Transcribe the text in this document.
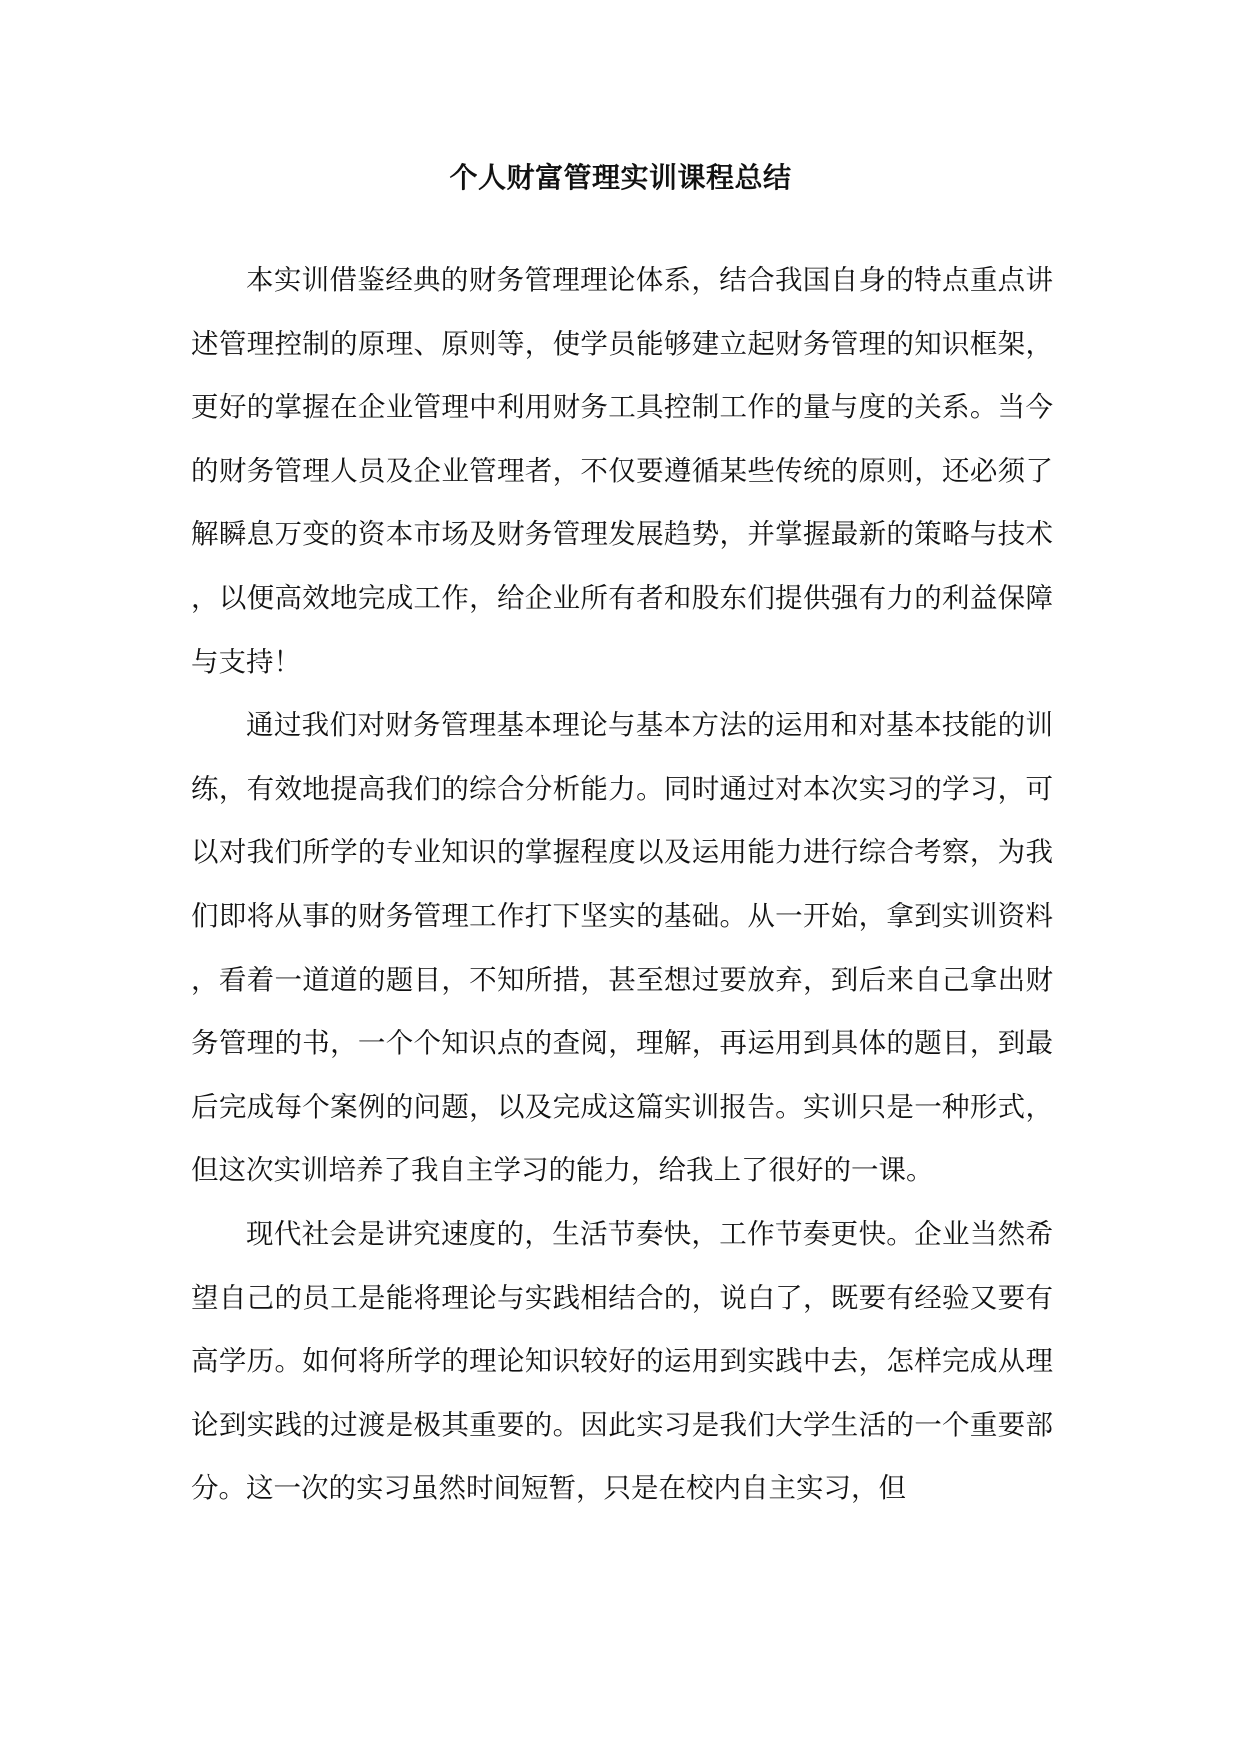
个人财富管理实训课程总结

本实训借鉴经典的财务管理理论体系，结合我国自身的特点重点讲述管理控制的原理、原则等，使学员能够建立起财务管理的知识框架，更好的掌握在企业管理中利用财务工具控制工作的量与度的关系。当今的财务管理人员及企业管理者，不仅要遵循某些传统的原则，还必须了解瞬息万变的资本市场及财务管理发展趋势，并掌握最新的策略与技术，以便高效地完成工作，给企业所有者和股东们提供强有力的利益保障与支持！

通过我们对财务管理基本理论与基本方法的运用和对基本技能的训练，有效地提高我们的综合分析能力。同时通过对本次实习的学习，可以对我们所学的专业知识的掌握程度以及运用能力进行综合考察，为我们即将从事的财务管理工作打下坚实的基础。从一开始，拿到实训资料，看着一道道的题目，不知所措，甚至想过要放弃，到后来自己拿出财务管理的书，一个个知识点的查阅，理解，再运用到具体的题目，到最后完成每个案例的问题，以及完成这篇实训报告。实训只是一种形式，但这次实训培养了我自主学习的能力，给我上了很好的一课。

现代社会是讲究速度的，生活节奏快，工作节奏更快。企业当然希望自己的员工是能将理论与实践相结合的，说白了，既要有经验又要有高学历。如何将所学的理论知识较好的运用到实践中去，怎样完成从理论到实践的过渡是极其重要的。因此实习是我们大学生活的一个重要部分。这一次的实习虽然时间短暂，只是在校内自主实习，但
